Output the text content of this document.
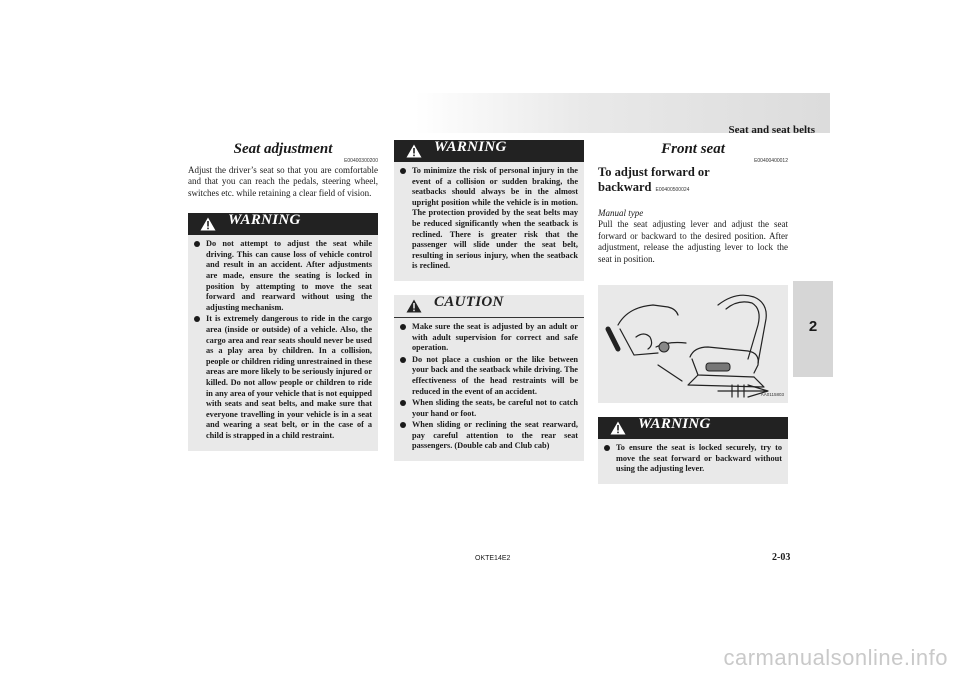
Seat and seat belts
2
Seat adjustment
E00400300200
Adjust the driver’s seat so that you are comfortable and that you can reach the pedals, steering wheel, switches etc. while retaining a clear field of vision.
WARNING
Do not attempt to adjust the seat while driving. This can cause loss of vehicle control and result in an accident. After adjustments are made, ensure the seating is locked in position by attempting to move the seat forward and rearward without using the adjusting mechanism.
It is extremely dangerous to ride in the cargo area (inside or outside) of a vehicle. Also, the cargo area and rear seats should never be used as a play area by children. In a collision, people or children riding unrestrained in these areas are more likely to be seriously injured or killed. Do not allow people or children to ride in any area of your vehicle that is not equipped with seats and seat belts, and make sure that everyone travelling in your vehicle is in a seat and wearing a seat belt, or in the case of a child is strapped in a child restraint.
WARNING
To minimize the risk of personal injury in the event of a collision or sudden braking, the seatbacks should always be in the almost upright position while the vehicle is in motion. The protection provided by the seat belts may be reduced significantly when the seatback is reclined. There is greater risk that the passenger will slide under the seat belt, resulting in serious injury, when the seatback is reclined.
CAUTION
Make sure the seat is adjusted by an adult or with adult supervision for correct and safe operation.
Do not place a cushion or the like between your back and the seatback while driving. The effectiveness of the head restraints will be reduced in the event of an accident.
When sliding the seats, be careful not to catch your hand or foot.
When sliding or reclining the seat rearward, pay careful attention to the rear seat passengers. (Double cab and Club cab)
Front seat
E00400400012
To adjust forward or backward E00400500024
Manual type
Pull the seat adjusting lever and adjust the seat forward or backward to the desired position. After adjustment, release the adjusting lever to lock the seat in position.
AA0115803
WARNING
To ensure the seat is locked securely, try to move the seat forward or backward without using the adjusting lever.
OKTE14E2	2-03
carmanualsonline.info
